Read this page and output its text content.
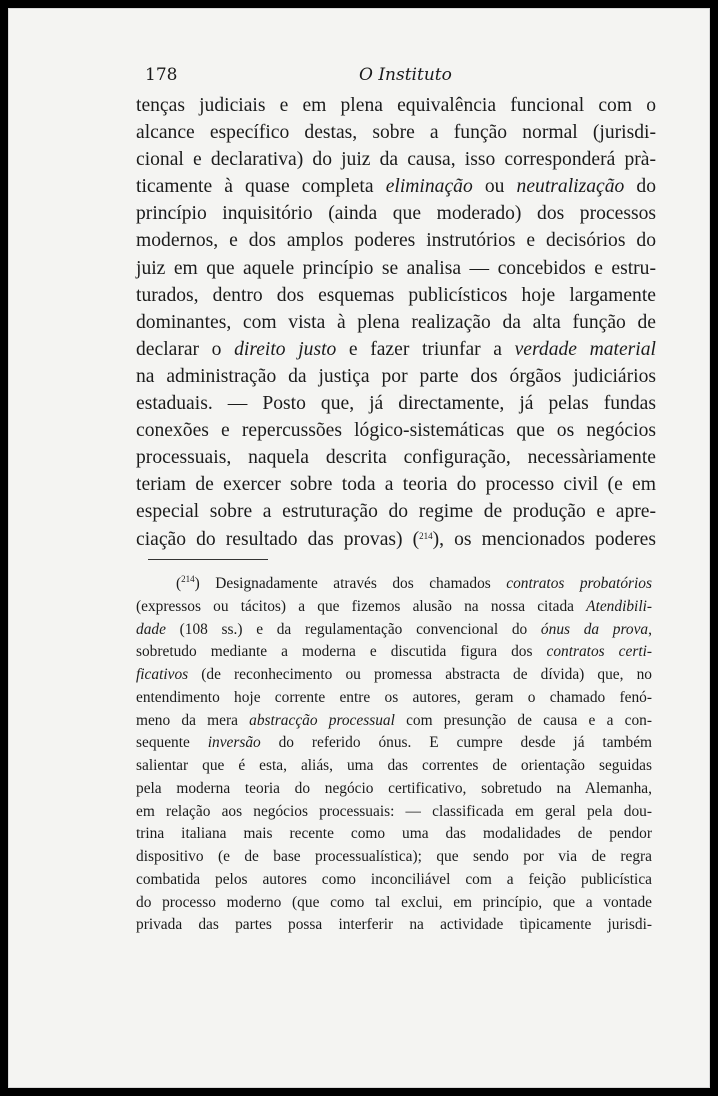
178	O Instituto
tenças judiciais e em plena equivalência funcional com o
alcance específico destas, sobre a função normal (jurisdi-
cional e declarativa) do juiz da causa, isso corresponderá prà-
ticamente à quase completa eliminação ou neutralização do
princípio inquisitório (ainda que moderado) dos processos
modernos, e dos amplos poderes instrutórios e decisórios do
juiz em que aquele princípio se analisa — concebidos e estru-
turados, dentro dos esquemas publicísticos hoje largamente
dominantes, com vista à plena realização da alta função de
declarar o direito justo e fazer triunfar a verdade material
na administração da justiça por parte dos órgãos judiciários
estaduais. — Posto que, já directamente, já pelas fundas
conexões e repercussões lógico-sistemáticas que os negócios
processuais, naquela descrita configuração, necessàriamente
teriam de exercer sobre toda a teoria do processo civil (e em
especial sobre a estruturação do regime de produção e apre-
ciação do resultado das provas) ($^{214}$), os mencionados poderes
($^{214}$) Designadamente através dos chamados contratos probatórios
(expressos ou tácitos) a que fizemos alusão na nossa citada Atendibili-
dade (108 ss.) e da regulamentação convencional do ónus da prova,
sobretudo mediante a moderna e discutida figura dos contratos certi-
ficativos (de reconhecimento ou promessa abstracta de dívida) que, no
entendimento hoje corrente entre os autores, geram o chamado fenó-
meno da mera abstracção processual com presunção de causa e a con-
sequente inversão do referido ónus. E cumpre desde já também
salientar que é esta, aliás, uma das correntes de orientação seguidas
pela moderna teoria do negócio certificativo, sobretudo na Alemanha,
em relação aos negócios processuais: — classificada em geral pela dou-
trina italiana mais recente como uma das modalidades de pendor
dispositivo (e de base processualística); que sendo por via de regra
combatida pelos autores como inconciliável com a feição publicística
do processo moderno (que como tal exclui, em princípio, que a vontade
privada das partes possa interferir na actividade tìpicamente jurisdi-
